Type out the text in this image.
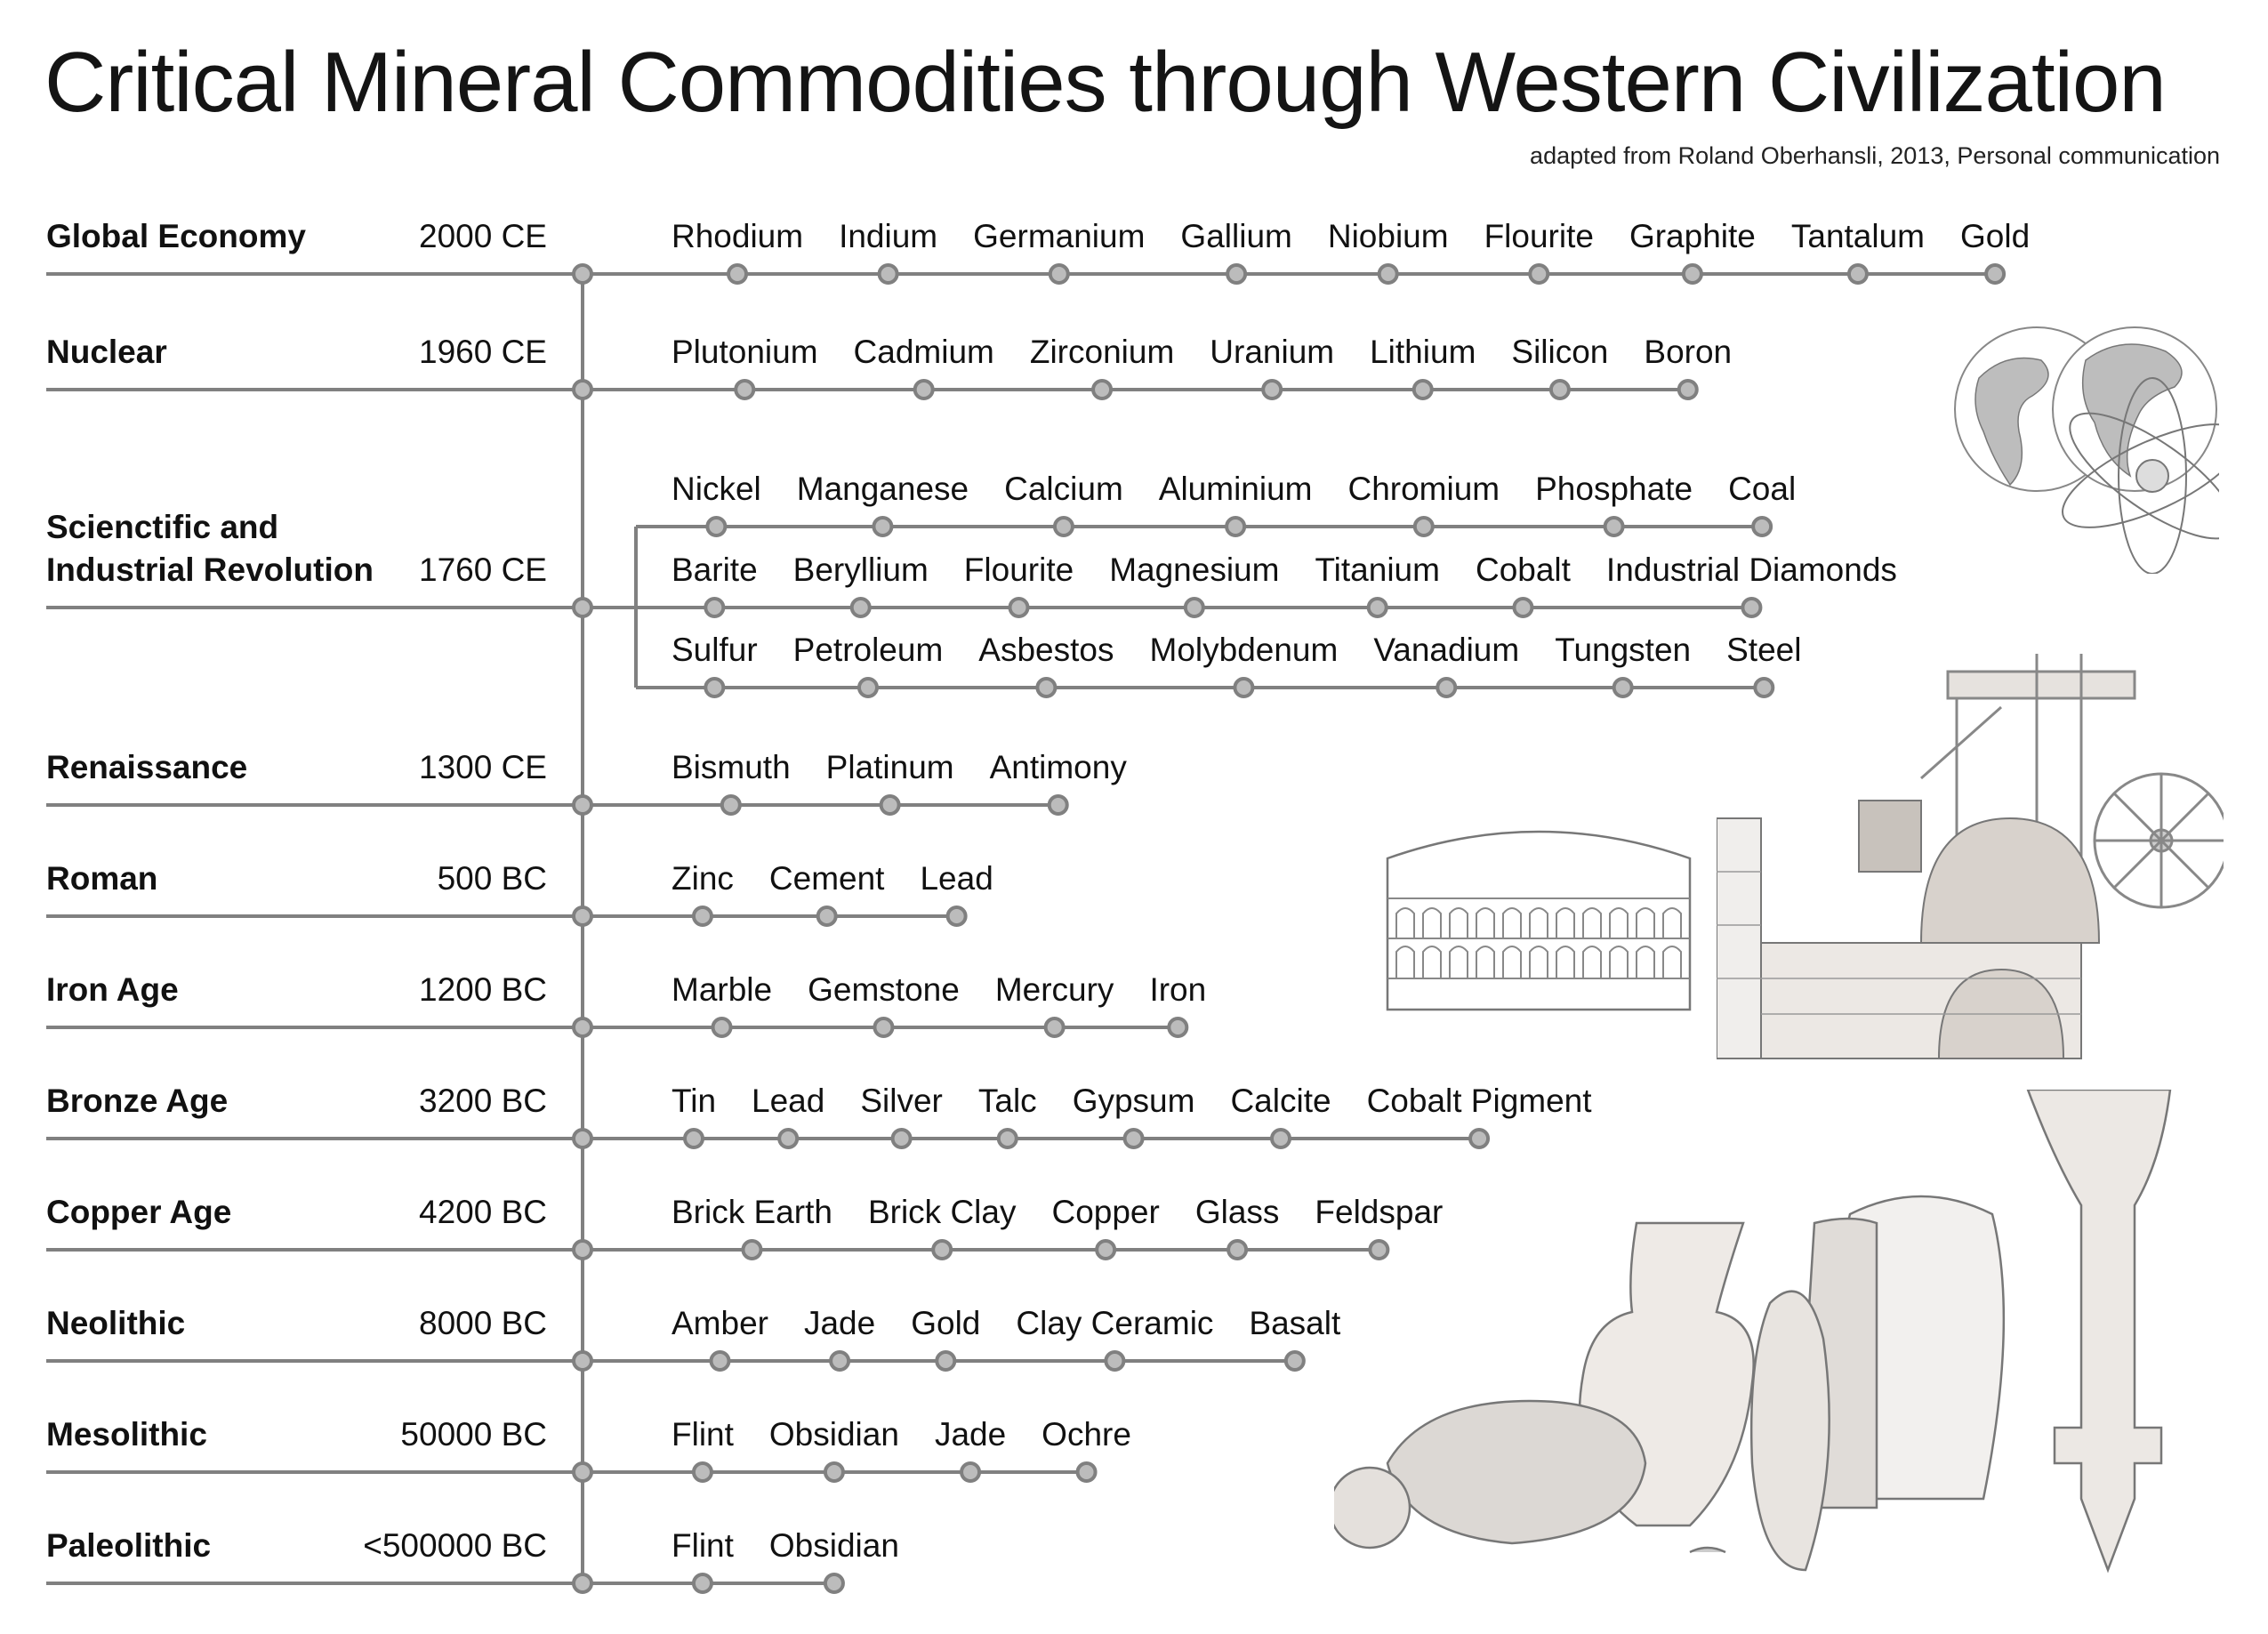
Critical Mineral Commodities through Western Civilization
adapted from Roland Oberhansli, 2013, Personal communication
Global Economy	2000 CE	Rhodium Indium Germanium Gallium Niobium Flourite Graphite Tantalum Gold
Nuclear	1960 CE	Plutonium Cadmium Zirconium Uranium Lithium Silicon Boron
Scienctific and
Industrial Revolution 1760 CE
Nickel Manganese Calcium Aluminium Chromium Phosphate Coal
Barite Beryllium Flourite Magnesium Titanium Cobalt Industrial Diamonds
Sulfur Petroleum Asbestos Molybdenum Vanadium Tungsten Steel
Renaissance	1300 CE	Bismuth Platinum Antimony
Roman	500 BC	Zinc Cement Lead
Iron Age	1200 BC	Marble Gemstone Mercury Iron
Bronze Age	3200 BC	Tin Lead Silver Talc Gypsum Calcite Cobalt Pigment
Copper Age	4200 BC	Brick Earth Brick Clay Copper Glass Feldspar
Neolithic	8000 BC	Amber Jade Gold Clay Ceramic Basalt
Mesolithic	50000 BC	Flint Obsidian Jade Ochre
Paleolithic	<500000 BC	Flint Obsidian
